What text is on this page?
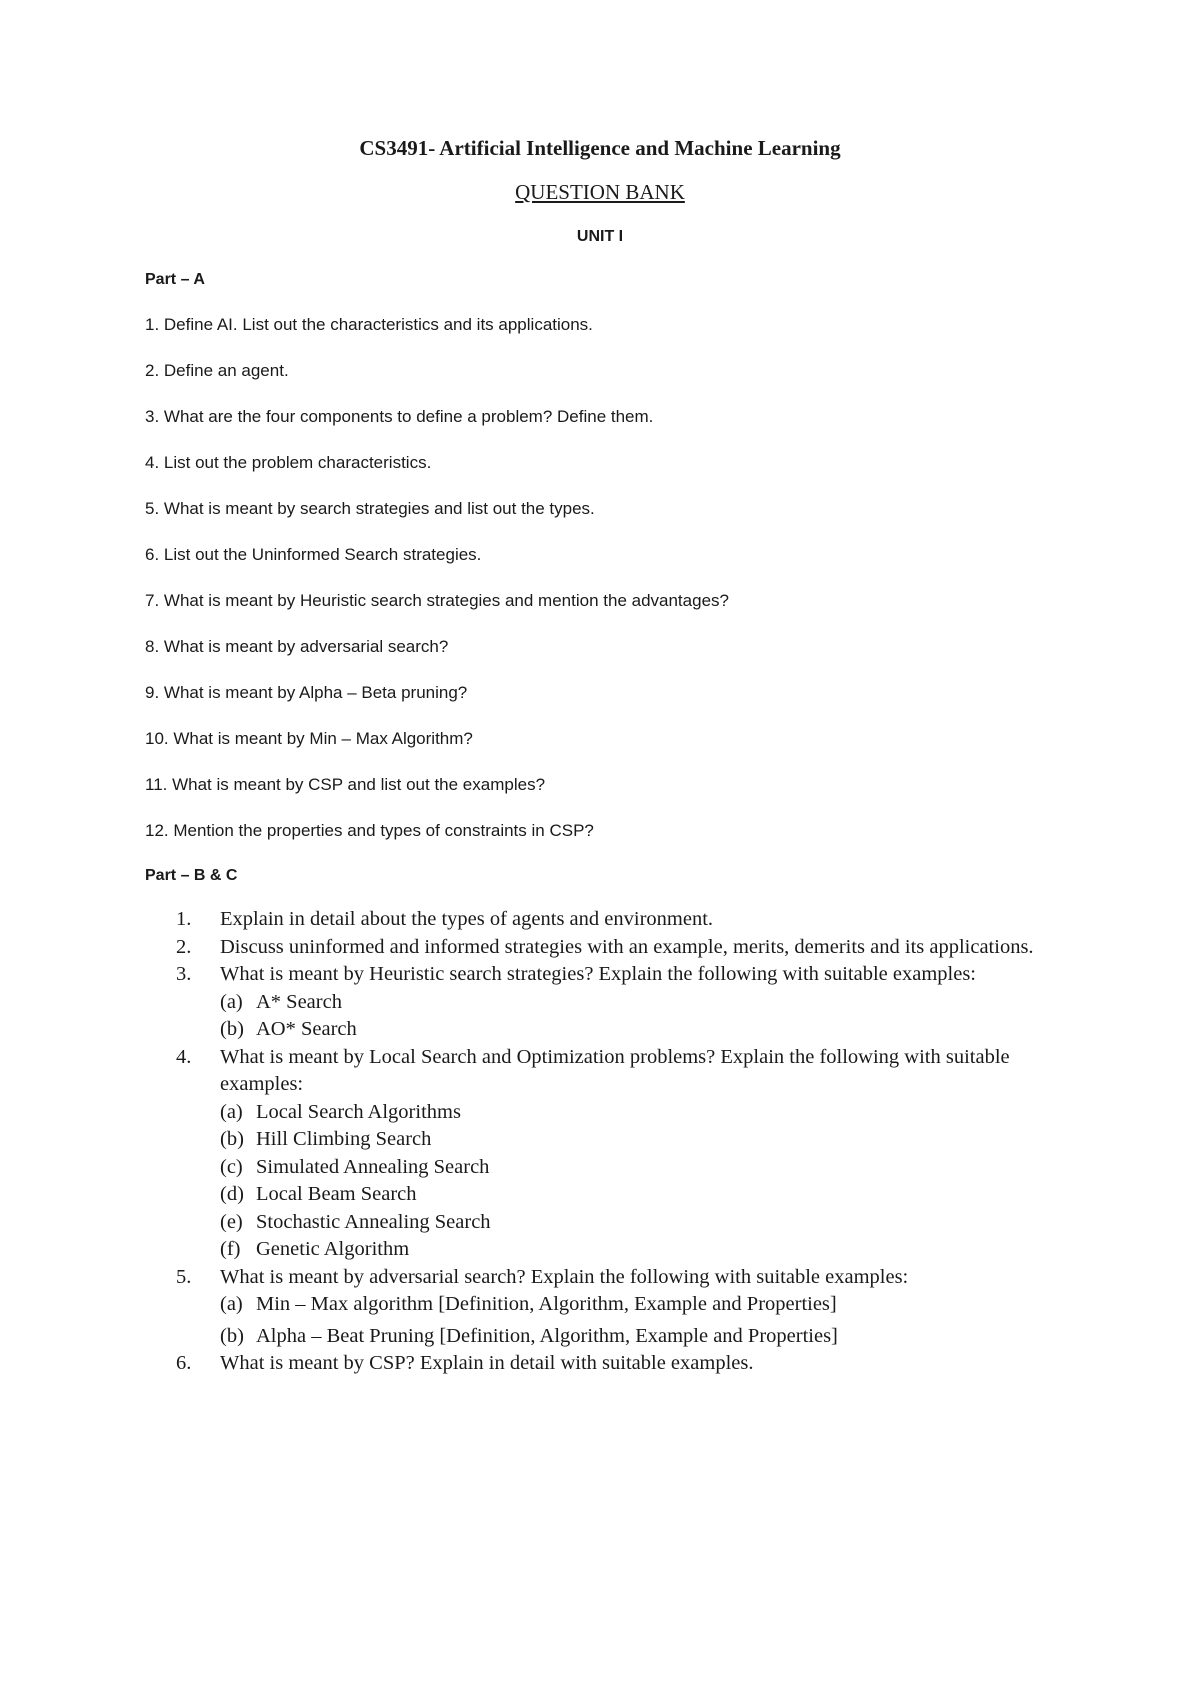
CS3491- Artificial Intelligence and Machine Learning
QUESTION BANK
UNIT I
Part – A
1. Define AI. List out the characteristics and its applications.
2. Define an agent.
3. What are the four components to define a problem? Define them.
4. List out the problem characteristics.
5. What is meant by search strategies and list out the types.
6. List out the Uninformed Search strategies.
7. What is meant by Heuristic search strategies and mention the advantages?
8. What is meant by adversarial search?
9. What is meant by Alpha – Beta pruning?
10. What is meant by Min – Max Algorithm?
11. What is meant by CSP and list out the examples?
12. Mention the properties and types of constraints in CSP?
Part – B & C
1. Explain in detail about the types of agents and environment.
2. Discuss uninformed and informed strategies with an example, merits, demerits and its applications.
3. What is meant by Heuristic search strategies? Explain the following with suitable examples:
(a) A* Search
(b) AO* Search
4. What is meant by Local Search and Optimization problems? Explain the following with suitable examples:
(a) Local Search Algorithms
(b) Hill Climbing Search
(c) Simulated Annealing Search
(d) Local Beam Search
(e) Stochastic Annealing Search
(f) Genetic Algorithm
5. What is meant by adversarial search? Explain the following with suitable examples:
(a) Min – Max algorithm [Definition, Algorithm, Example and Properties]
(b) Alpha – Beat Pruning [Definition, Algorithm, Example and Properties]
6. What is meant by CSP? Explain in detail with suitable examples.
